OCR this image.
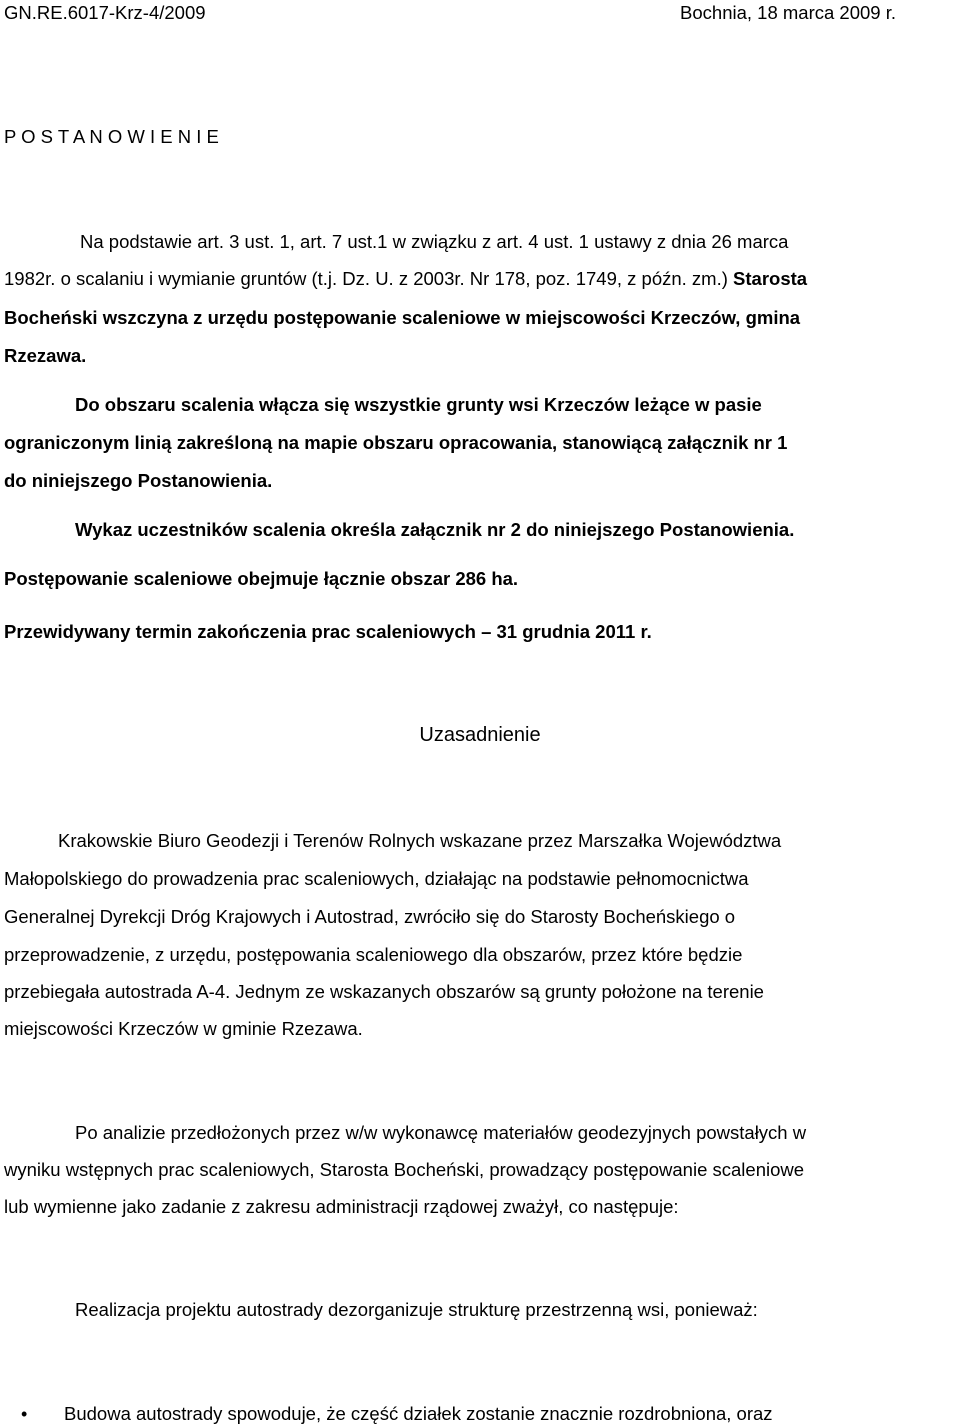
GN.RE.6017-Krz-4/2009	Bochnia, 18 marca 2009 r.

P O S T A N O W I E N I E

Na podstawie art. 3 ust. 1, art. 7 ust.1 w związku z art. 4 ust. 1 ustawy z dnia 26 marca

1982r. o scalaniu i wymianie gruntów (t.j. Dz. U. z 2003r. Nr 178, poz. 1749, z późn. zm.) Starosta

Bocheński wszczyna z urzędu postępowanie scaleniowe w miejscowości Krzeczów, gmina

Rzezawa.

Do obszaru scalenia włącza się wszystkie grunty wsi Krzeczów leżące w pasie

ograniczonym linią zakreśloną na mapie obszaru opracowania, stanowiącą załącznik nr 1

do niniejszego Postanowienia.

Wykaz uczestników scalenia określa załącznik nr 2 do niniejszego Postanowienia.

Postępowanie scaleniowe obejmuje łącznie obszar 286 ha.

Przewidywany termin zakończenia prac scaleniowych – 31 grudnia 2011 r.

Uzasadnienie

Krakowskie Biuro Geodezji i Terenów Rolnych wskazane przez Marszałka Województwa

Małopolskiego do prowadzenia prac scaleniowych, działając na podstawie pełnomocnictwa

Generalnej Dyrekcji Dróg Krajowych i Autostrad, zwróciło się do Starosty Bocheńskiego o

przeprowadzenie, z urzędu, postępowania scaleniowego dla obszarów, przez które będzie

przebiegała autostrada A-4. Jednym ze wskazanych obszarów są grunty położone na terenie

miejscowości Krzeczów w gminie Rzezawa.

Po analizie przedłożonych przez w/w wykonawcę materiałów geodezyjnych powstałych w

wyniku wstępnych prac scaleniowych, Starosta Bocheński, prowadzący postępowanie scaleniowe

lub wymienne jako zadanie z zakresu administracji rządowej zważył, co następuje:

Realizacja projektu autostrady dezorganizuje strukturę przestrzenną wsi, ponieważ:

• Budowa autostrady spowoduje, że część działek zostanie znacznie rozdrobniona, oraz
